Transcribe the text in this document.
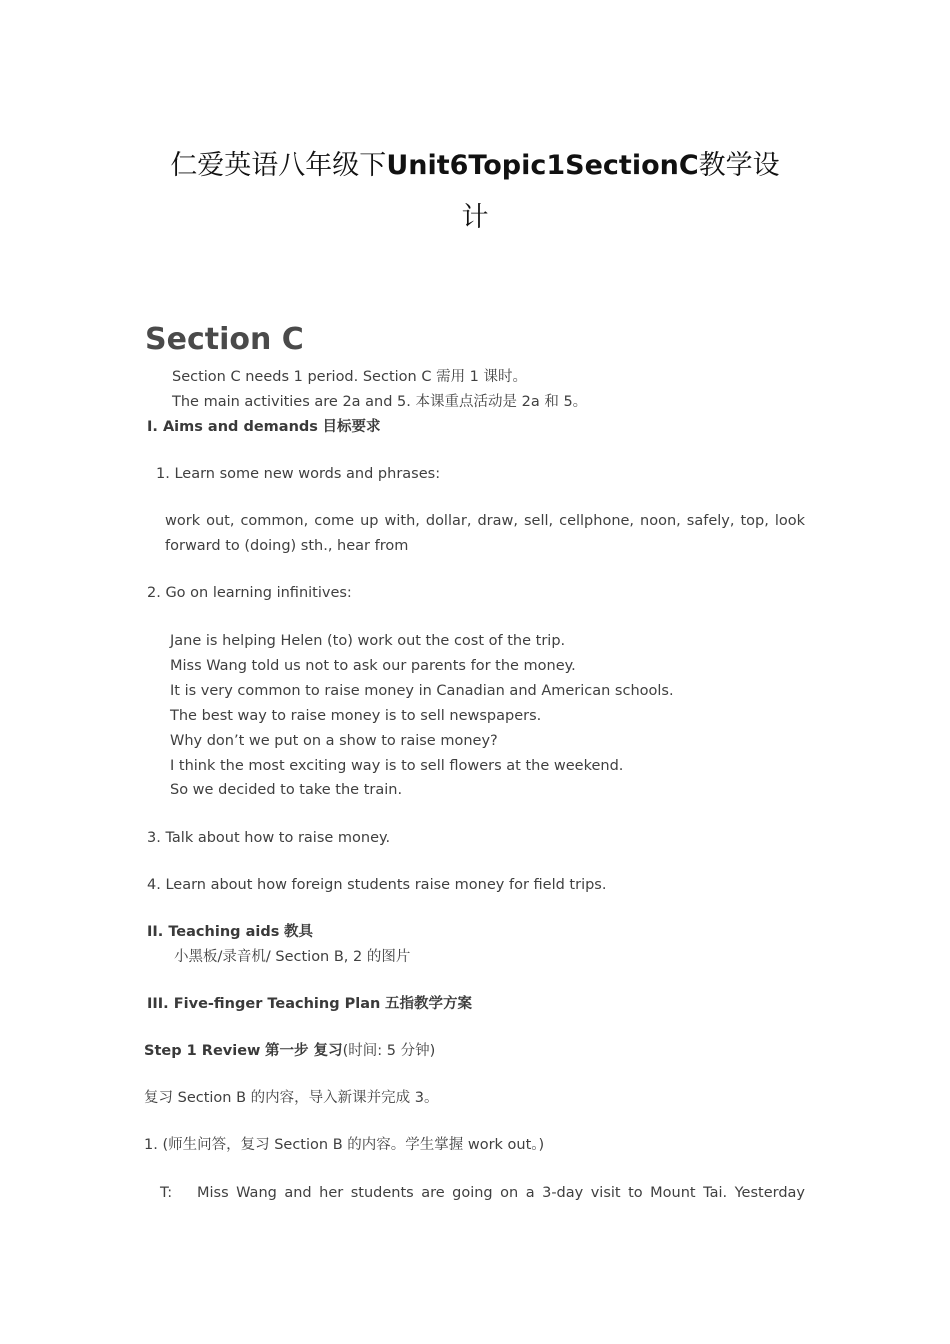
仁爱英语八年级下Unit6Topic1SectionC教学设
计
Section C

Section C needs 1 period. Section C 需用 1 课时。

The main activities are 2a and 5. 本课重点活动是 2a 和 5。

I. Aims and demands 目标要求

1. Learn some new words and phrases:

work out, common, come up with, dollar, draw, sell, cellphone, noon, safely, top, look forward to (doing) sth., hear from

2. Go on learning infinitives:

Jane is helping Helen (to) work out the cost of the trip.

Miss Wang told us not to ask our parents for the money.

It is very common to raise money in Canadian and American schools.

The best way to raise money is to sell newspapers.

Why don’t we put on a show to raise money?

I think the most exciting way is to sell flowers at the weekend.

So we decided to take the train.

3. Talk about how to raise money.

4. Learn about how foreign students raise money for field trips.

II. Teaching aids 教具

小黑板/录音机/ Section B, 2 的图片

III. Five-finger Teaching Plan 五指教学方案

Step 1 Review 第一步 复习(时间: 5 分钟)

复习 Section B 的内容，导入新课并完成 3。

1. (师生问答，复习 Section B 的内容。学生掌握 work out。)

T: Miss Wang and her students are going on a 3-day visit to Mount Tai. Yesterday
